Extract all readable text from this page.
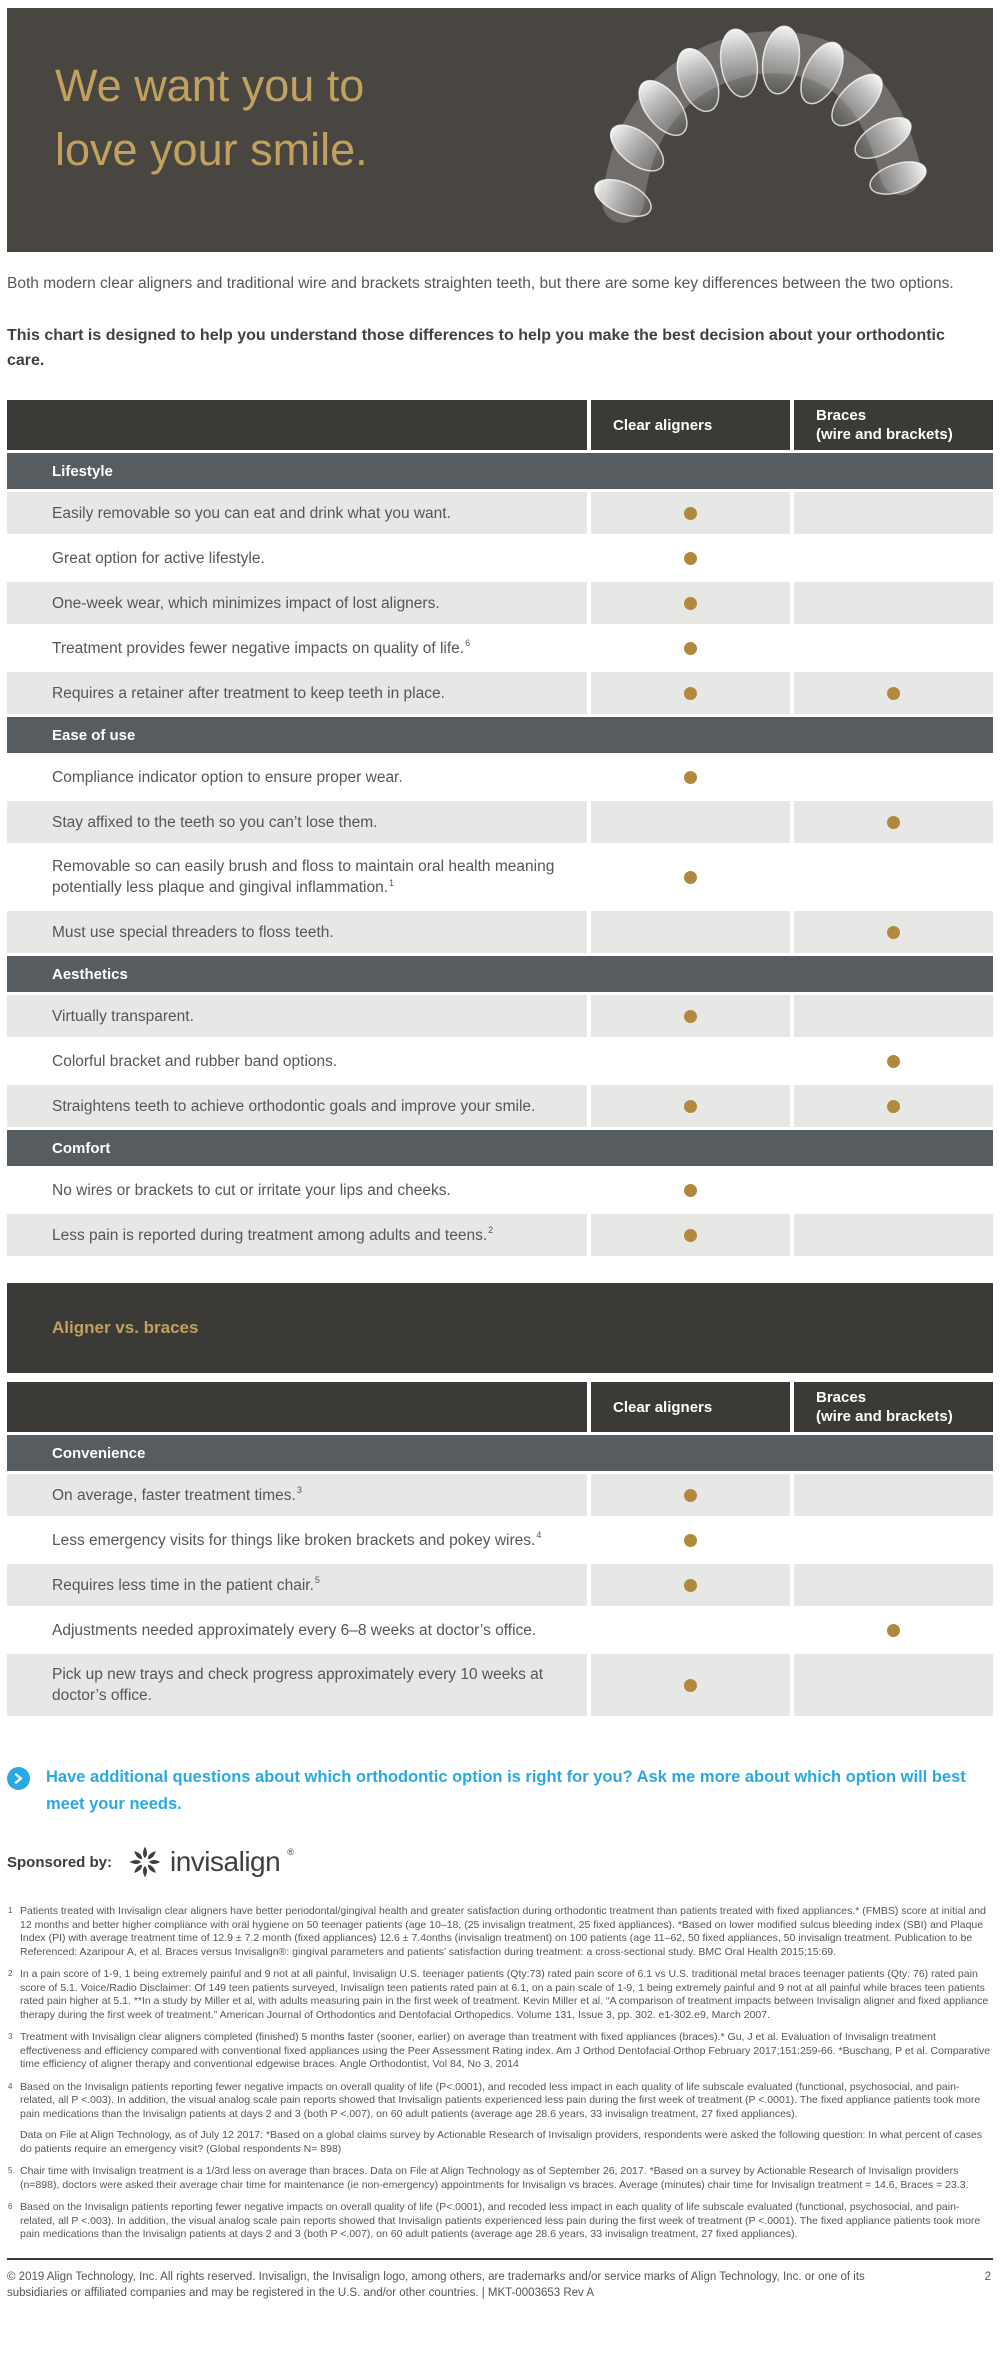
We want you to
love your smile.

Both modern clear aligners and traditional wire and brackets straighten teeth, but there are some key differences between the two options.

This chart is designed to help you understand those differences to help you make the best decision about your orthodontic care.

Clear aligners
Braces
(wire and brackets)
Lifestyle
Easily removable so you can eat and drink what you want.
Great option for active lifestyle.
One-week wear, which minimizes impact of lost aligners.
Treatment provides fewer negative impacts on quality of life.$^6$
Requires a retainer after treatment to keep teeth in place.
Ease of use
Compliance indicator option to ensure proper wear.
Stay affixed to the teeth so you can’t lose them.
Removable so can easily brush and floss to maintain oral health meaning potentially less plaque and gingival inflammation.$^1$
Must use special threaders to floss teeth.
Aesthetics
Virtually transparent.
Colorful bracket and rubber band options.
Straightens teeth to achieve orthodontic goals and improve your smile.
Comfort
No wires or brackets to cut or irritate your lips and cheeks.
Less pain is reported during treatment among adults and teens.$^2$
Aligner vs. braces
Clear aligners
Braces
(wire and brackets)
Convenience
On average, faster treatment times.$^3$
Less emergency visits for things like broken brackets and pokey wires.$^4$
Requires less time in the patient chair.$^5$
Adjustments needed approximately every 6–8 weeks at doctor’s office.
Pick up new trays and check progress approximately every 10 weeks at doctor’s office.

Have additional questions about which orthodontic option is right for you? Ask me more about which option will best meet your needs.

Sponsored by: invisalign ®
1 Patients treated with Invisalign clear aligners have better periodontal/gingival health and greater satisfaction during orthodontic treatment than patients treated with fixed appliances.* (FMBS) score at initial and 12 months and better higher compliance with oral hygiene on 50 teenager patients (age 10–18, (25 invisalign treatment, 25 fixed appliances). *Based on lower modified sulcus bleeding index (SBI) and Plaque Index (PI) with average treatment time of 12.9 ± 7.2 month (fixed appliances) 12.6 ± 7.4onths (invisalign treatment) on 100 patients (age 11–62, 50 fixed appliances, 50 invisalign treatment. Publication to be Referenced: Azaripour A, et al. Braces versus Invisalign®: gingival parameters and patients’ satisfaction during treatment: a cross-sectional study. BMC Oral Health 2015;15:69.
2 In a pain score of 1-9, 1 being extremely painful and 9 not at all painful, Invisalign U.S. teenager patients (Qty:73) rated pain score of 6.1 vs U.S. traditional metal braces teenager patients (Qty: 76) rated pain score of 5.1. Voice/Radio Disclaimer: Of 149 teen patients surveyed, Invisalign teen patients rated pain at 6.1, on a pain scale of 1-9, 1 being extremely painful and 9 not at all painful while braces teen patients rated pain higher at 5.1. **In a study by Miller et al, with adults measuring pain in the first week of treatment. Kevin Miller et al. “A comparison of treatment impacts between Invisalign aligner and fixed appliance therapy during the first week of treatment.” American Journal of Orthodontics and Dentofacial Orthopedics. Volume 131, Issue 3, pp. 302. e1-302.e9, March 2007.
3 Treatment with Invisalign clear aligners completed (finished) 5 months faster (sooner, earlier) on average than treatment with fixed appliances (braces).* Gu, J et al. Evaluation of Invisalign treatment effectiveness and efficiency compared with conventional fixed appliances using the Peer Assessment Rating index. Am J Orthod Dentofacial Orthop February 2017;151:259-66. *Buschang, P et al. Comparative time efficiency of aligner therapy and conventional edgewise braces. Angle Orthodontist, Vol 84, No 3, 2014
4 Based on the Invisalign patients reporting fewer negative impacts on overall quality of life (P<.0001), and recoded less impact in each quality of life subscale evaluated (functional, psychosocial, and pain-related, all P <.003). In addition, the visual analog scale pain reports showed that Invisalign patients experienced less pain during the first week of treatment (P <.0001). The fixed appliance patients took more pain medications than the Invisalign patients at days 2 and 3 (both P <.007), on 60 adult patients (average age 28.6 years, 33 invisalign treatment, 27 fixed appliances).
Data on File at Align Technology, as of July 12 2017: *Based on a global claims survey by Actionable Research of Invisalign providers, respondents were asked the following question: In what percent of cases do patients require an emergency visit? (Global respondents N= 898)
5 Chair time with Invisalign treatment is a 1/3rd less on average than braces. Data on File at Align Technology as of September 26, 2017. *Based on a survey by Actionable Research of Invisalign providers (n=898), doctors were asked their average chair time for maintenance (ie non-emergency) appointments for Invisalign vs braces. Average (minutes) chair time for Invisalign treatment = 14.6, Braces = 23.3.
6 Based on the Invisalign patients reporting fewer negative impacts on overall quality of life (P<.0001), and recoded less impact in each quality of life subscale evaluated (functional, psychosocial, and pain-related, all P <.003). In addition, the visual analog scale pain reports showed that Invisalign patients experienced less pain during the first week of treatment (P <.0001). The fixed appliance patients took more pain medications than the Invisalign patients at days 2 and 3 (both P <.007), on 60 adult patients (average age 28.6 years, 33 invisalign treatment, 27 fixed appliances).
© 2019 Align Technology, Inc. All rights reserved. Invisalign, the Invisalign logo, among others, are trademarks and/or service marks of Align Technology, Inc. or one of its subsidiaries or affiliated companies and may be registered in the U.S. and/or other countries. | MKT-0003653 Rev A
2
